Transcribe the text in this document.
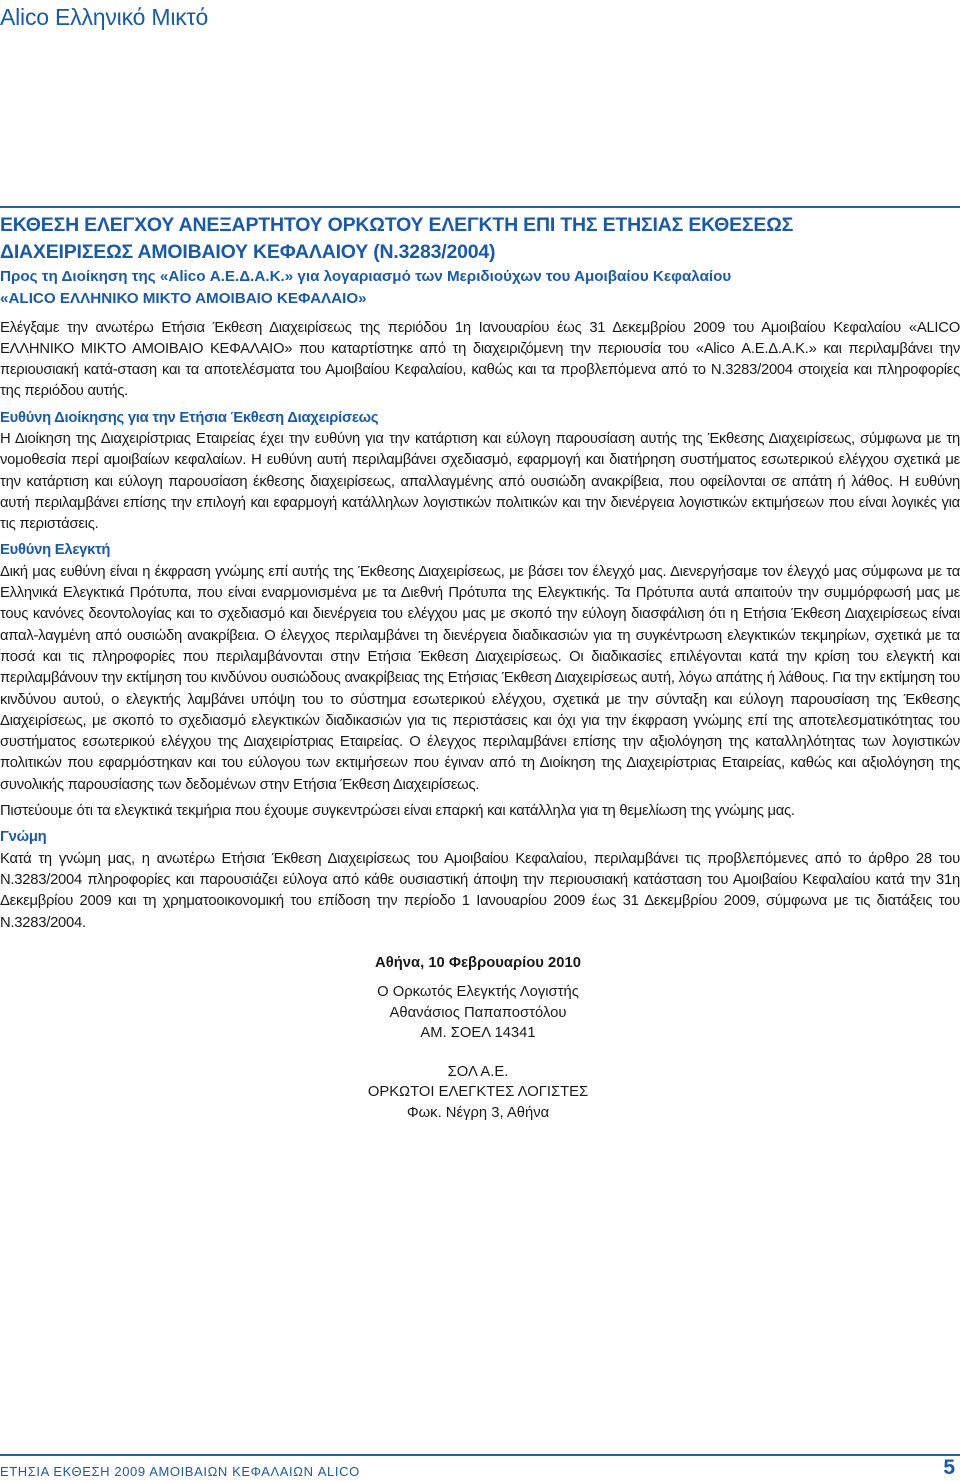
Alico Ελληνικό Μικτό
ΕΚΘΕΣΗ ΕΛΕΓΧΟΥ ΑΝΕΞΑΡΤΗΤΟΥ ΟΡΚΩΤΟΥ ΕΛΕΓΚΤΗ ΕΠΙ ΤΗΣ ΕΤΗΣΙΑΣ ΕΚΘΕΣΕΩΣ
ΔΙΑΧΕΙΡΙΣΕΩΣ ΑΜΟΙΒΑΙΟΥ ΚΕΦΑΛΑΙΟΥ (Ν.3283/2004)
Προς τη Διοίκηση της «Alico Α.Ε.Δ.Α.Κ.» για λογαριασμό των Μεριδιούχων του Αμοιβαίου Κεφαλαίου
«ALICO ΕΛΛΗΝΙΚΟ ΜΙΚΤΟ ΑΜΟΙΒΑΙΟ ΚΕΦΑΛΑΙΟ»

Ελέγξαμε την ανωτέρω Ετήσια Έκθεση Διαχειρίσεως της περιόδου 1η Ιανουαρίου έως 31 Δεκεμβρίου 2009 του Αμοιβαίου Κεφαλαίου «ALICO ΕΛΛΗΝΙΚΟ ΜΙΚΤΟ ΑΜΟΙΒΑΙΟ ΚΕΦΑΛΑΙΟ» που καταρτίστηκε από τη διαχειριζόμενη την περιουσία του «Alico Α.Ε.Δ.Α.Κ.» και περιλαμβάνει την περιουσιακή κατά-σταση και τα αποτελέσματα του Αμοιβαίου Κεφαλαίου, καθώς και τα προβλεπόμενα από το Ν.3283/2004 στοιχεία και πληροφορίες της περιόδου αυτής.

Ευθύνη Διοίκησης για την Ετήσια Έκθεση Διαχειρίσεως

Η Διοίκηση της Διαχειρίστριας Εταιρείας έχει την ευθύνη για την κατάρτιση και εύλογη παρουσίαση αυτής της Έκθεσης Διαχειρίσεως, σύμφωνα με τη νομοθεσία περί αμοιβαίων κεφαλαίων. Η ευθύνη αυτή περιλαμβάνει σχεδιασμό, εφαρμογή και διατήρηση συστήματος εσωτερικού ελέγχου σχετικά με την κατάρτιση και εύλογη παρουσίαση έκθεσης διαχειρίσεως, απαλλαγμένης από ουσιώδη ανακρίβεια, που οφείλονται σε απάτη ή λάθος. Η ευθύνη αυτή περιλαμβάνει επίσης την επιλογή και εφαρμογή κατάλληλων λογιστικών πολιτικών και την διενέργεια λογιστικών εκτιμήσεων που είναι λογικές για τις περιστάσεις.

Ευθύνη Ελεγκτή

Δική μας ευθύνη είναι η έκφραση γνώμης επί αυτής της Έκθεσης Διαχειρίσεως, με βάσει τον έλεγχό μας. Διενεργήσαμε τον έλεγχό μας σύμφωνα με τα Ελληνικά Ελεγκτικά Πρότυπα, που είναι εναρμονισμένα με τα Διεθνή Πρότυπα της Ελεγκτικής. Τα Πρότυπα αυτά απαιτούν την συμμόρφωσή μας με τους κανόνες δεοντολογίας και το σχεδιασμό και διενέργεια του ελέγχου μας με σκοπό την εύλογη διασφάλιση ότι η Ετήσια Έκθεση Διαχειρίσεως είναι απαλ-λαγμένη από ουσιώδη ανακρίβεια. Ο έλεγχος περιλαμβάνει τη διενέργεια διαδικασιών για τη συγκέντρωση ελεγκτικών τεκμηρίων, σχετικά με τα ποσά και τις πληροφορίες που περιλαμβάνονται στην Ετήσια Έκθεση Διαχειρίσεως. Οι διαδικασίες επιλέγονται κατά την κρίση του ελεγκτή και περιλαμβάνουν την εκτίμηση του κινδύνου ουσιώδους ανακρίβειας της Ετήσιας Έκθεση Διαχειρίσεως αυτή, λόγω απάτης ή λάθους. Για την εκτίμηση του κινδύνου αυτού, ο ελεγκτής λαμβάνει υπόψη του το σύστημα εσωτερικού ελέγχου, σχετικά με την σύνταξη και εύλογη παρουσίαση της Έκθεσης Διαχειρίσεως, με σκοπό το σχεδιασμό ελεγκτικών διαδικασιών για τις περιστάσεις και όχι για την έκφραση γνώμης επί της αποτελεσματικότητας του συστήματος εσωτερικού ελέγχου της Διαχειρίστριας Εταιρείας. Ο έλεγχος περιλαμβάνει επίσης την αξιολόγηση της καταλληλότητας των λογιστικών πολιτικών που εφαρμόστηκαν και του εύλογου των εκτιμήσεων που έγιναν από τη Διοίκηση της Διαχειρίστριας Εταιρείας, καθώς και αξιολόγηση της συνολικής παρουσίασης των δεδομένων στην Ετήσια Έκθεση Διαχειρίσεως.

Πιστεύουμε ότι τα ελεγκτικά τεκμήρια που έχουμε συγκεντρώσει είναι επαρκή και κατάλληλα για τη θεμελίωση της γνώμης μας.

Γνώμη

Κατά τη γνώμη μας, η ανωτέρω Ετήσια Έκθεση Διαχειρίσεως του Αμοιβαίου Κεφαλαίου, περιλαμβάνει τις προβλεπόμενες από το άρθρο 28 του Ν.3283/2004 πληροφορίες και παρουσιάζει εύλογα από κάθε ουσιαστική άποψη την περιουσιακή κατάσταση του Αμοιβαίου Κεφαλαίου κατά την 31η Δεκεμβρίου 2009 και τη χρηματοοικονομική του επίδοση την περίοδο 1 Ιανουαρίου 2009 έως 31 Δεκεμβρίου 2009, σύμφωνα με τις διατάξεις του Ν.3283/2004.

Αθήνα, 10 Φεβρουαρίου 2010
Ο Ορκωτός Ελεγκτής Λογιστής
Αθανάσιος Παπαποστόλου
ΑΜ. ΣΟΕΛ 14341
ΣΟΛ Α.Ε.
ΟΡΚΩΤΟΙ ΕΛΕΓΚΤΕΣ ΛΟΓΙΣΤΕΣ
Φωκ. Νέγρη 3, Αθήνα
ΕΤΗΣΙΑ ΕΚΘΕΣΗ 2009 ΑΜΟΙΒΑΙΩΝ ΚΕΦΑΛΑΙΩΝ ALICO	5
